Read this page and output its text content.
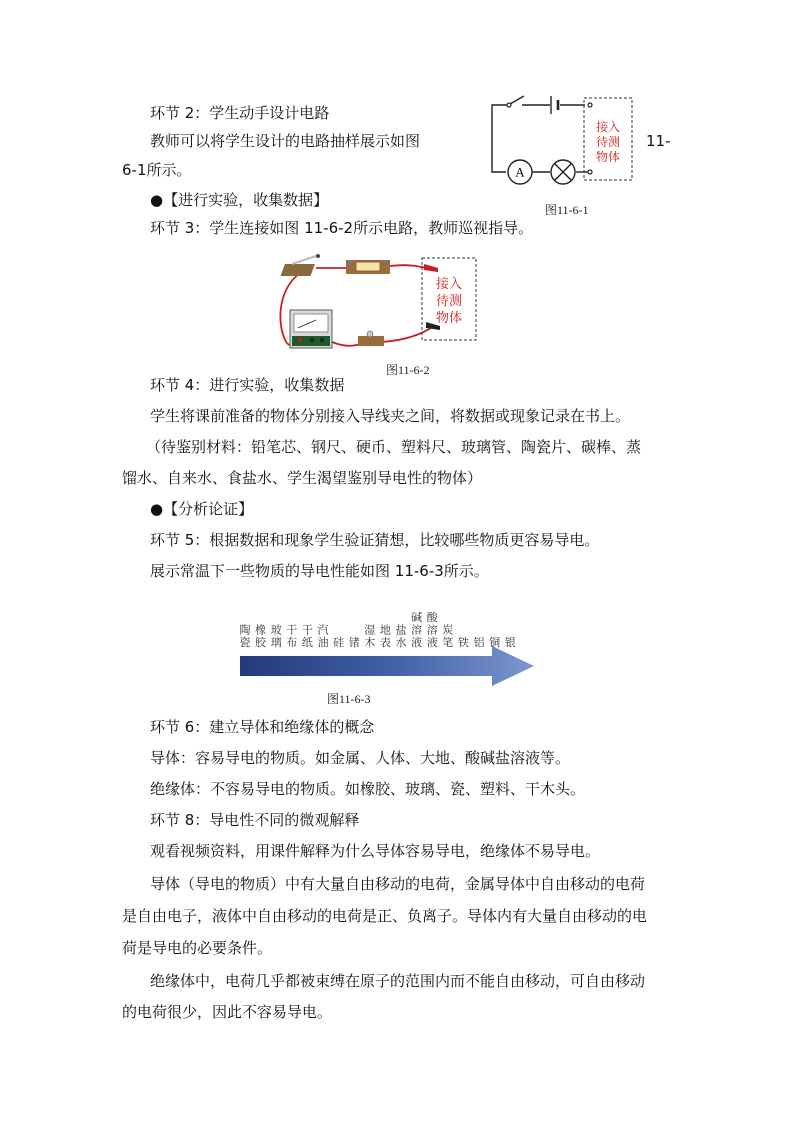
环节 2：学生动手设计电路
教师可以将学生设计的电路抽样展示如图	11-
6-1所示。
●【进行实验，收集数据】
环节 3：学生连接如图 11-6-2所示电路，教师巡视指导。
环节 4：进行实验，收集数据
学生将课前准备的物体分别接入导线夹之间，将数据或现象记录在书上。
（待鉴别材料：铅笔芯、钢尺、硬币、塑料尺、玻璃管、陶瓷片、碳棒、蒸
馏水、自来水、食盐水、学生渴望鉴别导电性的物体）
●【分析论证】
环节 5：根据数据和现象学生验证猜想，比较哪些物质更容易导电。
展示常温下一些物质的导电性能如图 11-6-3所示。
环节 6：建立导体和绝缘体的概念
导体：容易导电的物质。如金属、人体、大地、酸碱盐溶液等。
绝缘体：不容易导电的物质。如橡胶、玻璃、瓷、塑料、干木头。
环节 8：导电性不同的微观解释
观看视频资料，用课件解释为什么导体容易导电，绝缘体不易导电。
导体（导电的物质）中有大量自由移动的电荷，金属导体中自由移动的电荷
是自由电子，液体中自由移动的电荷是正、负离子。导体内有大量自由移动的电
荷是导电的必要条件。
绝缘体中，电荷几乎都被束缚在原子的范围内而不能自由移动，可自由移动
的电荷很少，因此不容易导电。
A
接入
待测
物体
图11-6-1
接入
待测
物体
图11-6-2
陶
瓷
橡
胶
玻
璃
干
布
干
纸
汽
油 硅 锗
湿
木
地
表
盐
水
碱
溶
液
酸
溶
液
炭
笔 铁 铝 铜 银
图11-6-3
